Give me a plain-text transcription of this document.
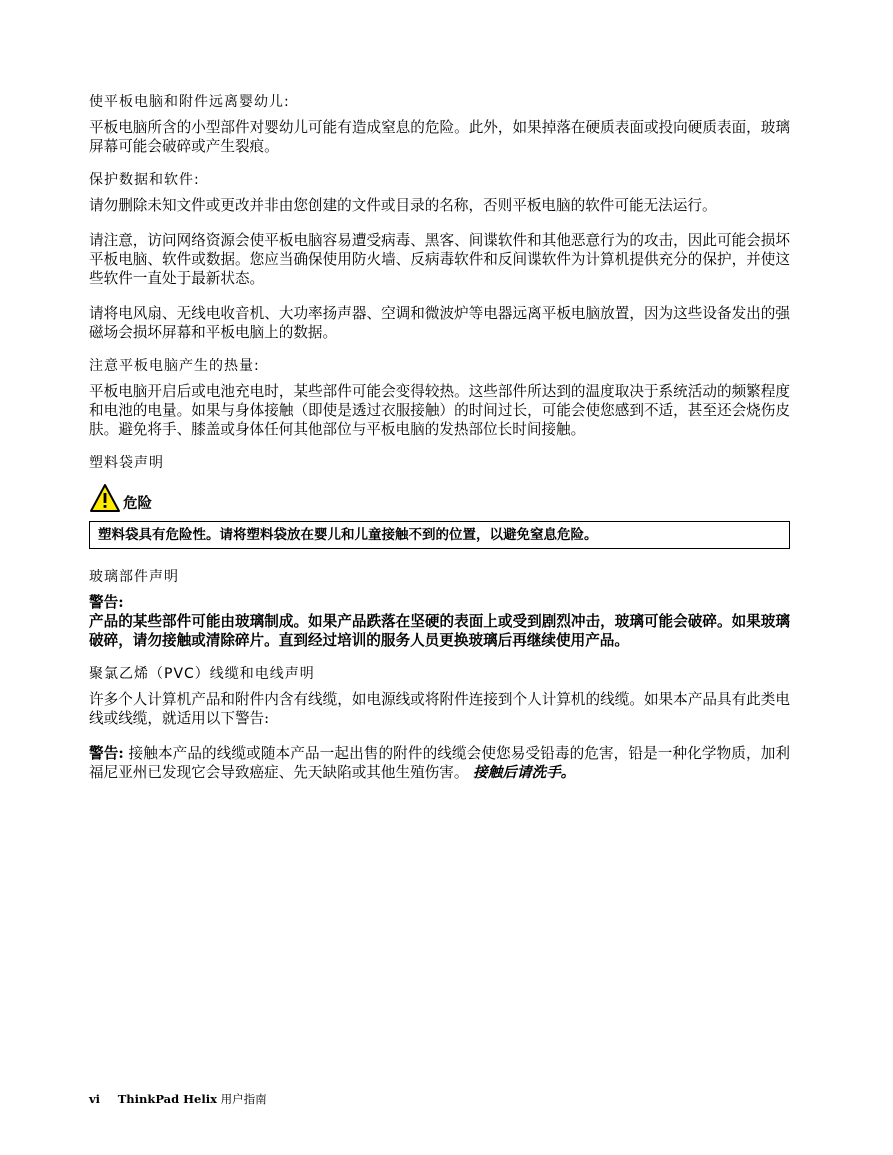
使平板电脑和附件远离婴幼儿:

平板电脑所含的小型部件对婴幼儿可能有造成窒息的危险。此外，如果掉落在硬质表面或投向硬质表面，玻璃屏幕可能会破碎或产生裂痕。

保护数据和软件:

请勿删除未知文件或更改并非由您创建的文件或目录的名称，否则平板电脑的软件可能无法运行。

请注意，访问网络资源会使平板电脑容易遭受病毒、黑客、间谍软件和其他恶意行为的攻击，因此可能会损坏平板电脑、软件或数据。您应当确保使用防火墙、反病毒软件和反间谍软件为计算机提供充分的保护，并使这些软件一直处于最新状态。

请将电风扇、无线电收音机、大功率扬声器、空调和微波炉等电器远离平板电脑放置，因为这些设备发出的强磁场会损坏屏幕和平板电脑上的数据。

注意平板电脑产生的热量:

平板电脑开启后或电池充电时，某些部件可能会变得较热。这些部件所达到的温度取决于系统活动的频繁程度和电池的电量。如果与身体接触（即使是透过衣服接触）的时间过长，可能会使您感到不适，甚至还会烧伤皮肤。避免将手、膝盖或身体任何其他部位与平板电脑的发热部位长时间接触。

塑料袋声明
危险
塑料袋具有危险性。请将塑料袋放在婴儿和儿童接触不到的位置，以避免窒息危险。
玻璃部件声明
警告:

产品的某些部件可能由玻璃制成。如果产品跌落在坚硬的表面上或受到剧烈冲击，玻璃可能会破碎。如果玻璃破碎，请勿接触或清除碎片。直到经过培训的服务人员更换玻璃后再继续使用产品。

聚氯乙烯（PVC）线缆和电线声明

许多个人计算机产品和附件内含有线缆，如电源线或将附件连接到个人计算机的线缆。如果本产品具有此类电线或线缆，就适用以下警告:

警告: 接触本产品的线缆或随本产品一起出售的附件的线缆会使您易受铅毒的危害，铅是一种化学物质，加利福尼亚州已发现它会导致癌症、先天缺陷或其他生殖伤害。 接触后请洗手。

vi ThinkPad Helix 用户指南
